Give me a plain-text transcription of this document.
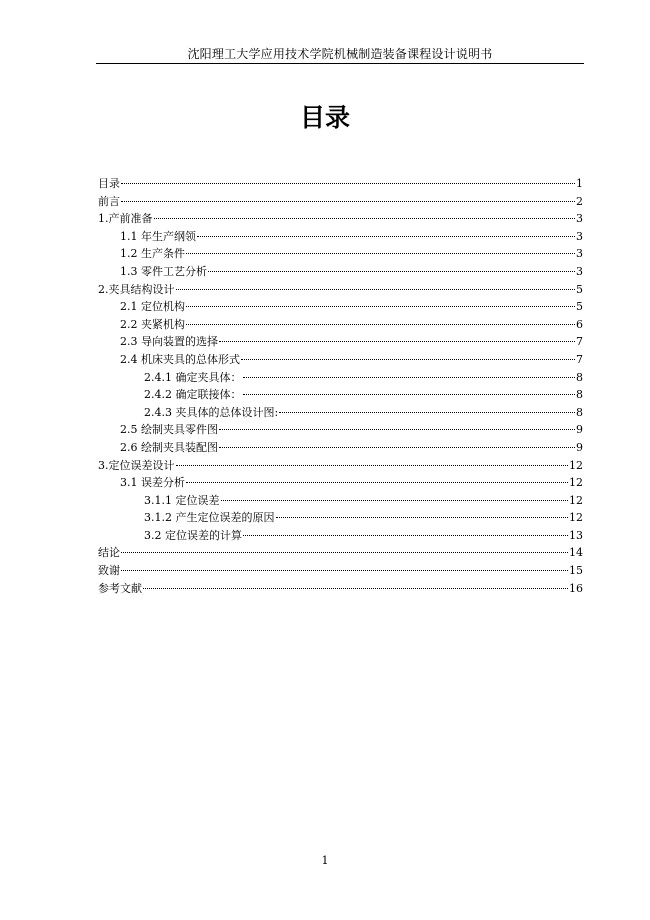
沈阳理工大学应用技术学院机械制造装备课程设计说明书
目录
目录	1
前言	2
1.产前准备	3
1.1 年生产纲领	3
1.2 生产条件	3
1.3 零件工艺分析	3
2.夹具结构设计	5
2.1 定位机构	5
2.2 夹紧机构	6
2.3 导向装置的选择	7
2.4 机床夹具的总体形式	7
2.4.1 确定夹具体：	8
2.4.2 确定联接体：	8
2.4.3 夹具体的总体设计图:	8
2.5 绘制夹具零件图	9
2.6 绘制夹具装配图	9
3.定位误差设计	12
3.1 误差分析	12
3.1.1 定位误差	12
3.1.2 产生定位误差的原因	12
3.2 定位误差的计算	13
结论	14
致谢	15
参考文献	16
1
